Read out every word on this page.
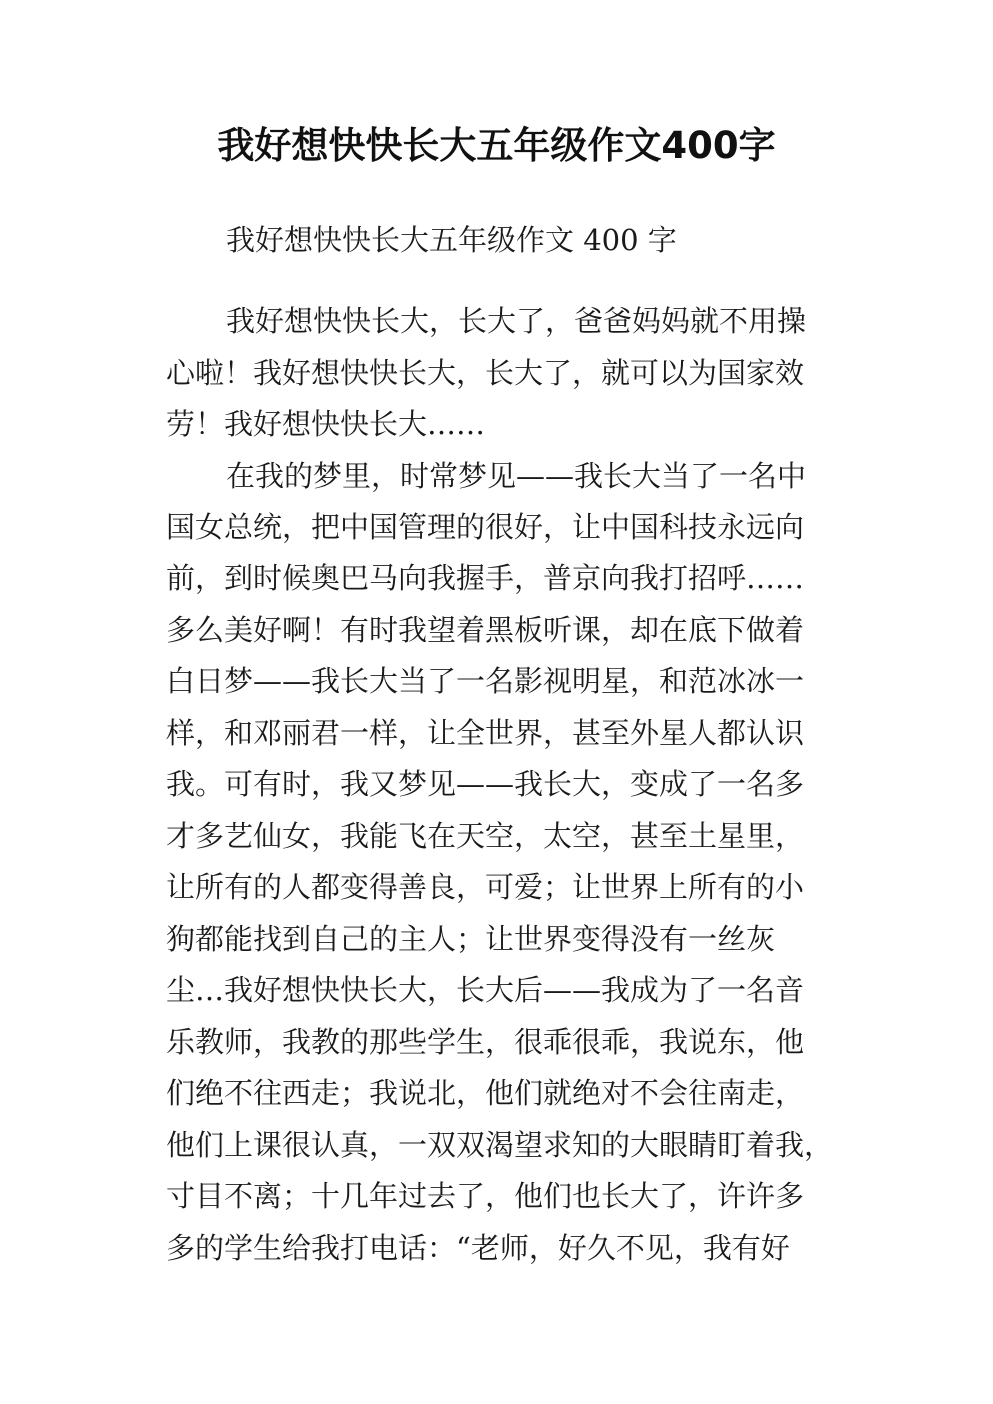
我好想快快长大五年级作文400字
我好想快快长大五年级作文 400 字
我好想快快长大，长大了，爸爸妈妈就不用操
心啦！我好想快快长大，长大了，就可以为国家效
劳！我好想快快长大……
在我的梦里，时常梦见——我长大当了一名中
国女总统，把中国管理的很好，让中国科技永远向
前，到时候奥巴马向我握手，普京向我打招呼……
多么美好啊！有时我望着黑板听课，却在底下做着
白日梦——我长大当了一名影视明星，和范冰冰一
样，和邓丽君一样，让全世界，甚至外星人都认识
我。可有时，我又梦见——我长大，变成了一名多
才多艺仙女，我能飞在天空，太空，甚至土星里，
让所有的人都变得善良，可爱；让世界上所有的小
狗都能找到自己的主人；让世界变得没有一丝灰
尘…我好想快快长大，长大后——我成为了一名音
乐教师，我教的那些学生，很乖很乖，我说东，他
们绝不往西走；我说北，他们就绝对不会往南走，
他们上课很认真，一双双渴望求知的大眼睛盯着我，
寸目不离；十几年过去了，他们也长大了，许许多
多的学生给我打电话：“老师，好久不见，我有好
